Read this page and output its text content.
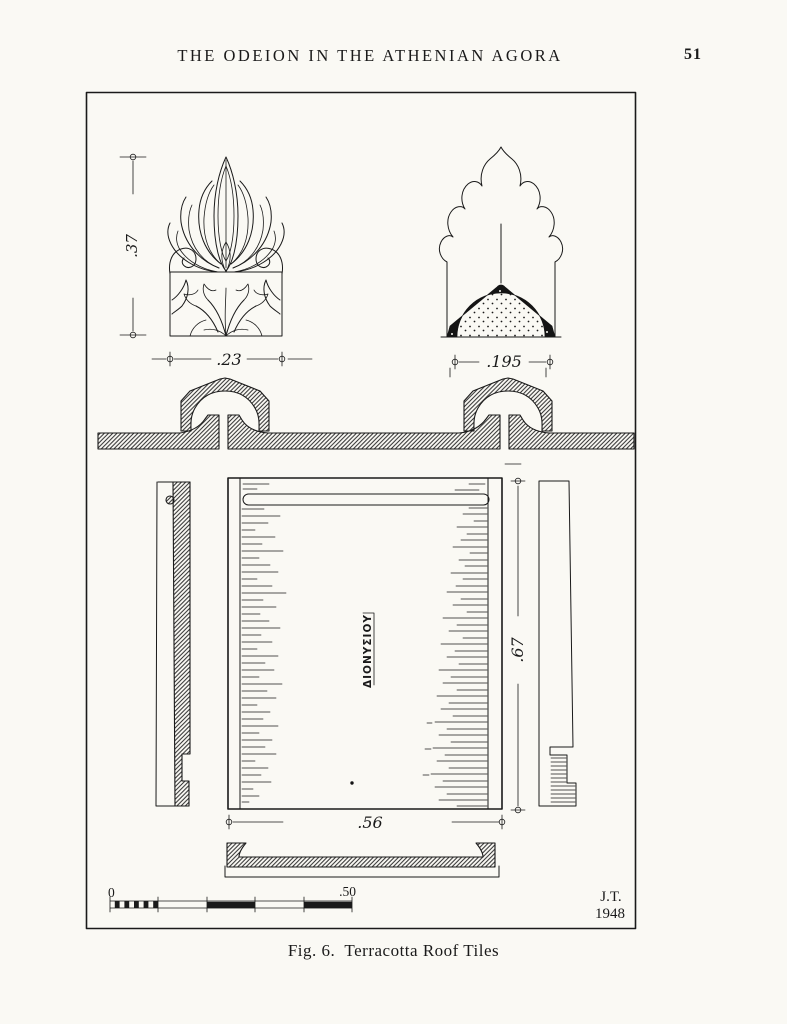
THE ODEION IN THE ATHENIAN AGORA	51
.37
.23	.195
ΔΙΟΝΥΣΙΟΥ	.67
.56
0	.50	J.T.
1948
Fig. 6.  Terracotta Roof Tiles
